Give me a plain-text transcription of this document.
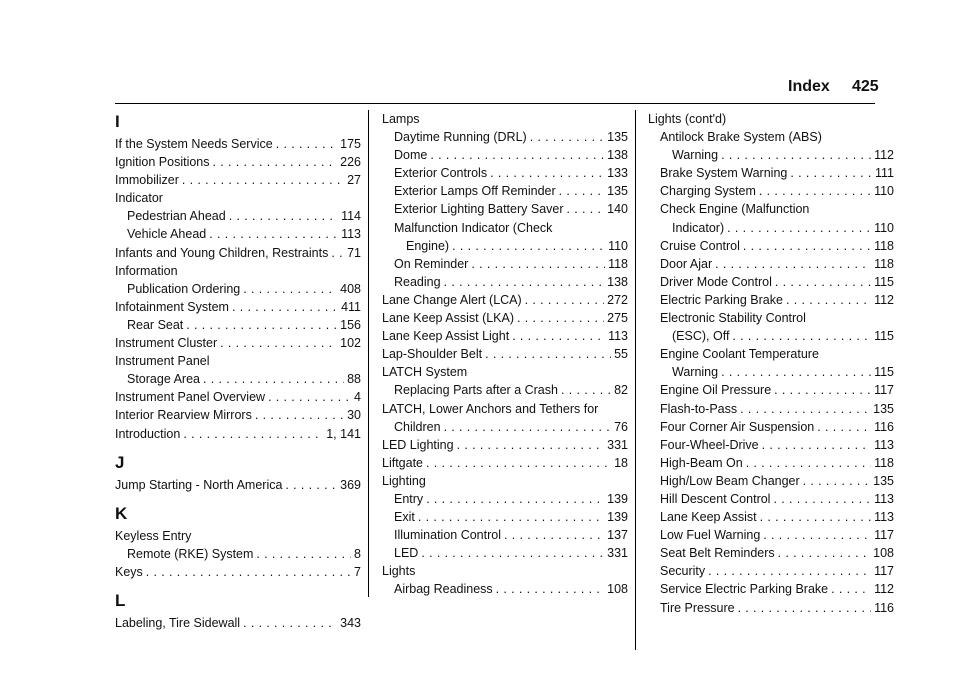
Index 425
I
If the System Needs Service . . .	175
Ignition Positions . . .	226
Immobilizer . . .	27
Indicator
Pedestrian Ahead . . .	114
Vehicle Ahead . . .	113
Infants and Young Children, Restraints . . . 71
Information
Publication Ordering . . .	408
Infotainment System . . .	411
Rear Seat . . .	156
Instrument Cluster . . .	102
Instrument Panel
Storage Area . . .	88
Instrument Panel Overview . . .	4
Interior Rearview Mirrors . . .	30
Introduction . . .	1, 141
J
Jump Starting - North America . . .	369
K
Keyless Entry
Remote (RKE) System . . .	8
Keys . . .	7
L
Labeling, Tire Sidewall . . .	343
Lamps
Daytime Running (DRL) . . .	135
Dome . . .	138
Exterior Controls . . .	133
Exterior Lamps Off Reminder . . .	135
Exterior Lighting Battery Saver . . .	140
Malfunction Indicator (Check
Engine) . . .	110
On Reminder . . .	118
Reading . . .	138
Lane Change Alert (LCA) . . .	272
Lane Keep Assist (LKA) . . .	275
Lane Keep Assist Light . . .	113
Lap-Shoulder Belt . . .	55
LATCH System
Replacing Parts after a Crash . . .	82
LATCH, Lower Anchors and Tethers for
Children . . .	76
LED Lighting . . .	331
Liftgate . . .	18
Lighting
Entry . . .	139
Exit . . .	139
Illumination Control . . .	137
LED . . .	331
Lights
Airbag Readiness . . .	108
Lights (cont'd)
Antilock Brake System (ABS)
Warning . . .	112
Brake System Warning . . .	111
Charging System . . .	110
Check Engine (Malfunction
Indicator) . . .	110
Cruise Control . . .	118
Door Ajar . . .	118
Driver Mode Control . . .	115
Electric Parking Brake . . .	112
Electronic Stability Control
(ESC), Off . . .	115
Engine Coolant Temperature
Warning . . .	115
Engine Oil Pressure . . .	117
Flash-to-Pass . . .	135
Four Corner Air Suspension . . .	116
Four-Wheel-Drive . . .	113
High-Beam On . . .	118
High/Low Beam Changer . . .	135
Hill Descent Control . . .	113
Lane Keep Assist . . .	113
Low Fuel Warning . . .	117
Seat Belt Reminders . . .	108
Security . . .	117
Service Electric Parking Brake . . .	112
Tire Pressure . . .	116
